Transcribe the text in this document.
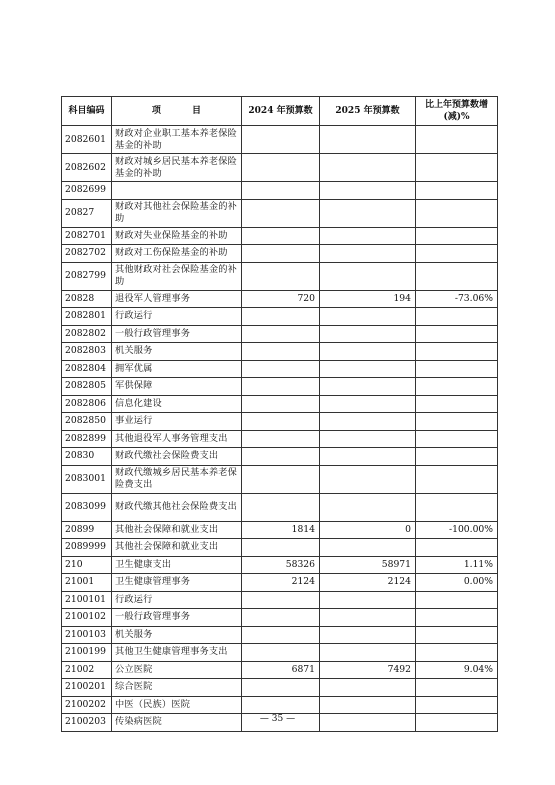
科目编码	项 目	2024 年预算数	2025 年预算数	比上年预算数增(减)%
2082601	财政对企业职工基本养老保险基金的补助			
2082602	财政对城乡居民基本养老保险基金的补助			
2082699				
20827	财政对其他社会保险基金的补助			
2082701	财政对失业保险基金的补助			
2082702	财政对工伤保险基金的补助			
2082799	其他财政对社会保险基金的补助			
20828	退役军人管理事务	720	194	-73.06%
2082801	行政运行			
2082802	一般行政管理事务			
2082803	机关服务			
2082804	拥军优属			
2082805	军供保障			
2082806	信息化建设			
2082850	事业运行			
2082899	其他退役军人事务管理支出			
20830	财政代缴社会保险费支出			
2083001	财政代缴城乡居民基本养老保险费支出			
2083099	财政代缴其他社会保险费支出			
20899	其他社会保障和就业支出	1814	0	-100.00%
2089999	其他社会保障和就业支出			
210	卫生健康支出	58326	58971	1.11%
21001	卫生健康管理事务	2124	2124	0.00%
2100101	行政运行			
2100102	一般行政管理事务			
2100103	机关服务			
2100199	其他卫生健康管理事务支出			
21002	公立医院	6871	7492	9.04%
2100201	综合医院			
2100202	中医（民族）医院			
2100203	传染病医院				— 35 —
